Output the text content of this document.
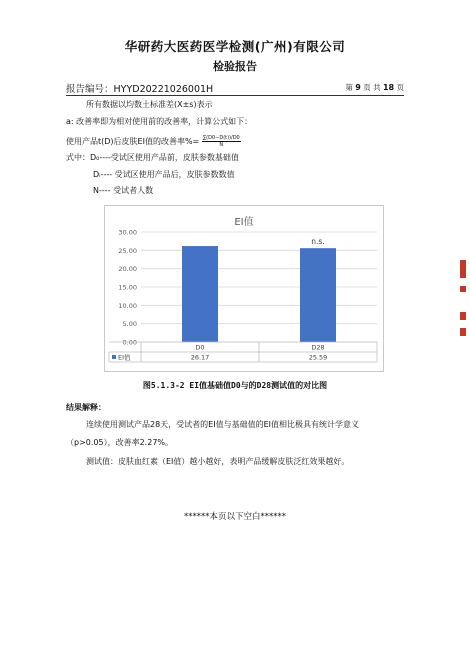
华研药大医药医学检测(广州)有限公司
检验报告
报告编号：HYYD20221026001H	第 9 页 共 18 页
所有数据以均数土标准差(X±s)表示
a: 改善率即为相对使用前的改善率，计算公式如下：
使用产品t(D)后皮肤EI值的改善率%= $\frac{\sum(D0-D(t))/D0}{N}$
式中：D₀----受试区使用产品前，皮肤参数基础值
Dᵢ---- 受试区使用产品后，皮肤参数数值
N---- 受试者人数
EI值
0.00
5.00
10.00
15.00
20.00
25.00
30.00
n.s.
D0
26.17
D28
25.59
EI值
图5.1.3-2 EI值基础值D0与的D28测试值的对比图
结果解释：
连续使用测试产品28天，受试者的EI值与基础值的EI值相比极具有统计学意义
（p>0.05），改善率2.27%。
测试值：皮肤血红素（EI值）越小越好，表明产品缓解皮肤泛红效果越好。
******本页以下空白******
